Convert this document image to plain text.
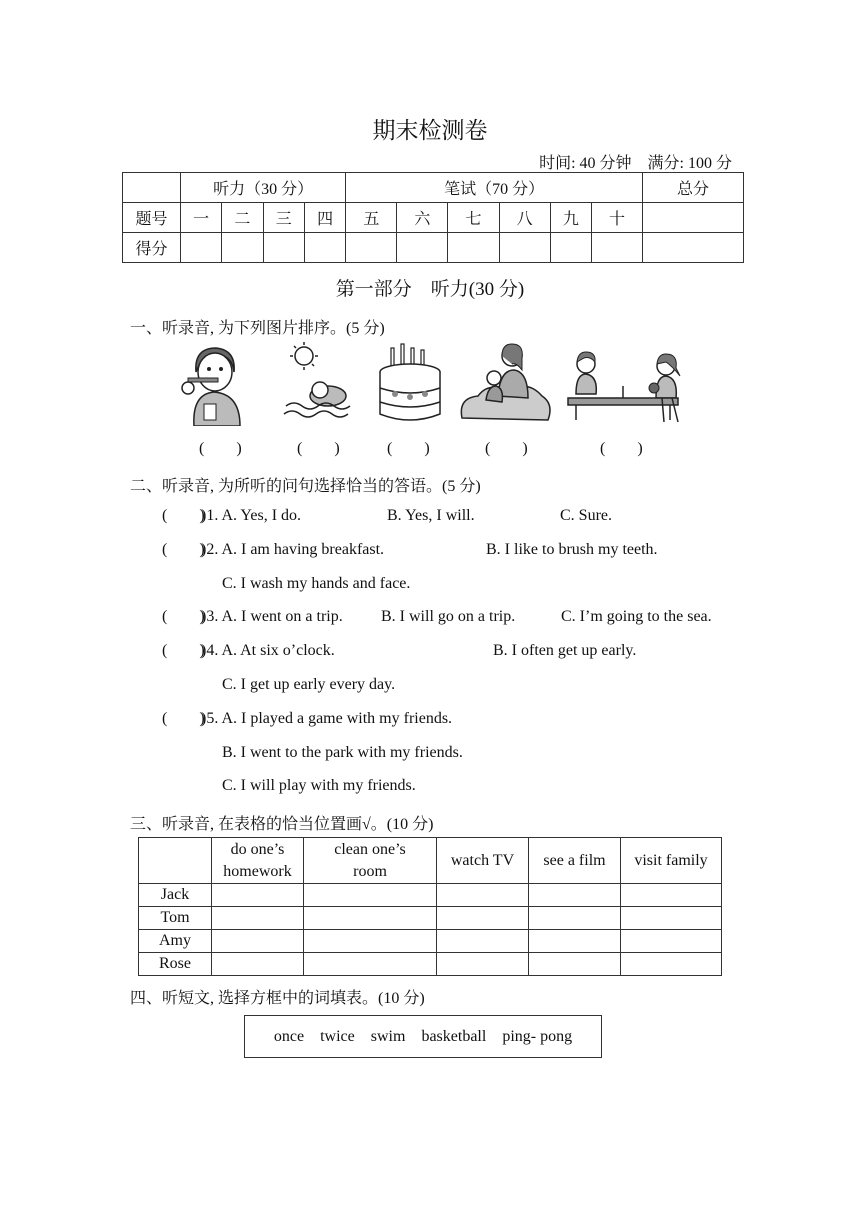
期末检测卷
时间: 40 分钟    满分: 100 分
	听力（30 分）				笔试（70 分）						总分
题号	一	二	三	四	五	六	七	八	九	十	
得分											
第一部分    听力(30 分)
一、听录音, 为下列图片排序。(5 分)
(        )	(        )	(        )	(        )	(        )
二、听录音, 为所听的问句选择恰当的答语。(5 分)
(        )
)1. A. Yes, I do.	B. Yes, I will.	C. Sure.
(        )
)2. A. I am having breakfast.	B. I like to brush my teeth.
C. I wash my hands and face.
(        )
)3. A. I went on a trip. B. I will go on a trip.	C. I’m going to the sea.
(        )
)4. A. At six o’clock.	B. I often get up early.
C. I get up early every day.
(        )
)5. A. I played a game with my friends.
B. I went to the park with my friends.
C. I will play with my friends.
三、听录音, 在表格的恰当位置画√。(10 分)
	do one’s
homework	clean one’s
room	watch TV	see a film	visit family
Jack					
Tom					
Amy					
Rose					
四、听短文, 选择方框中的词填表。(10 分)
once twice swim basketball ping- pong
